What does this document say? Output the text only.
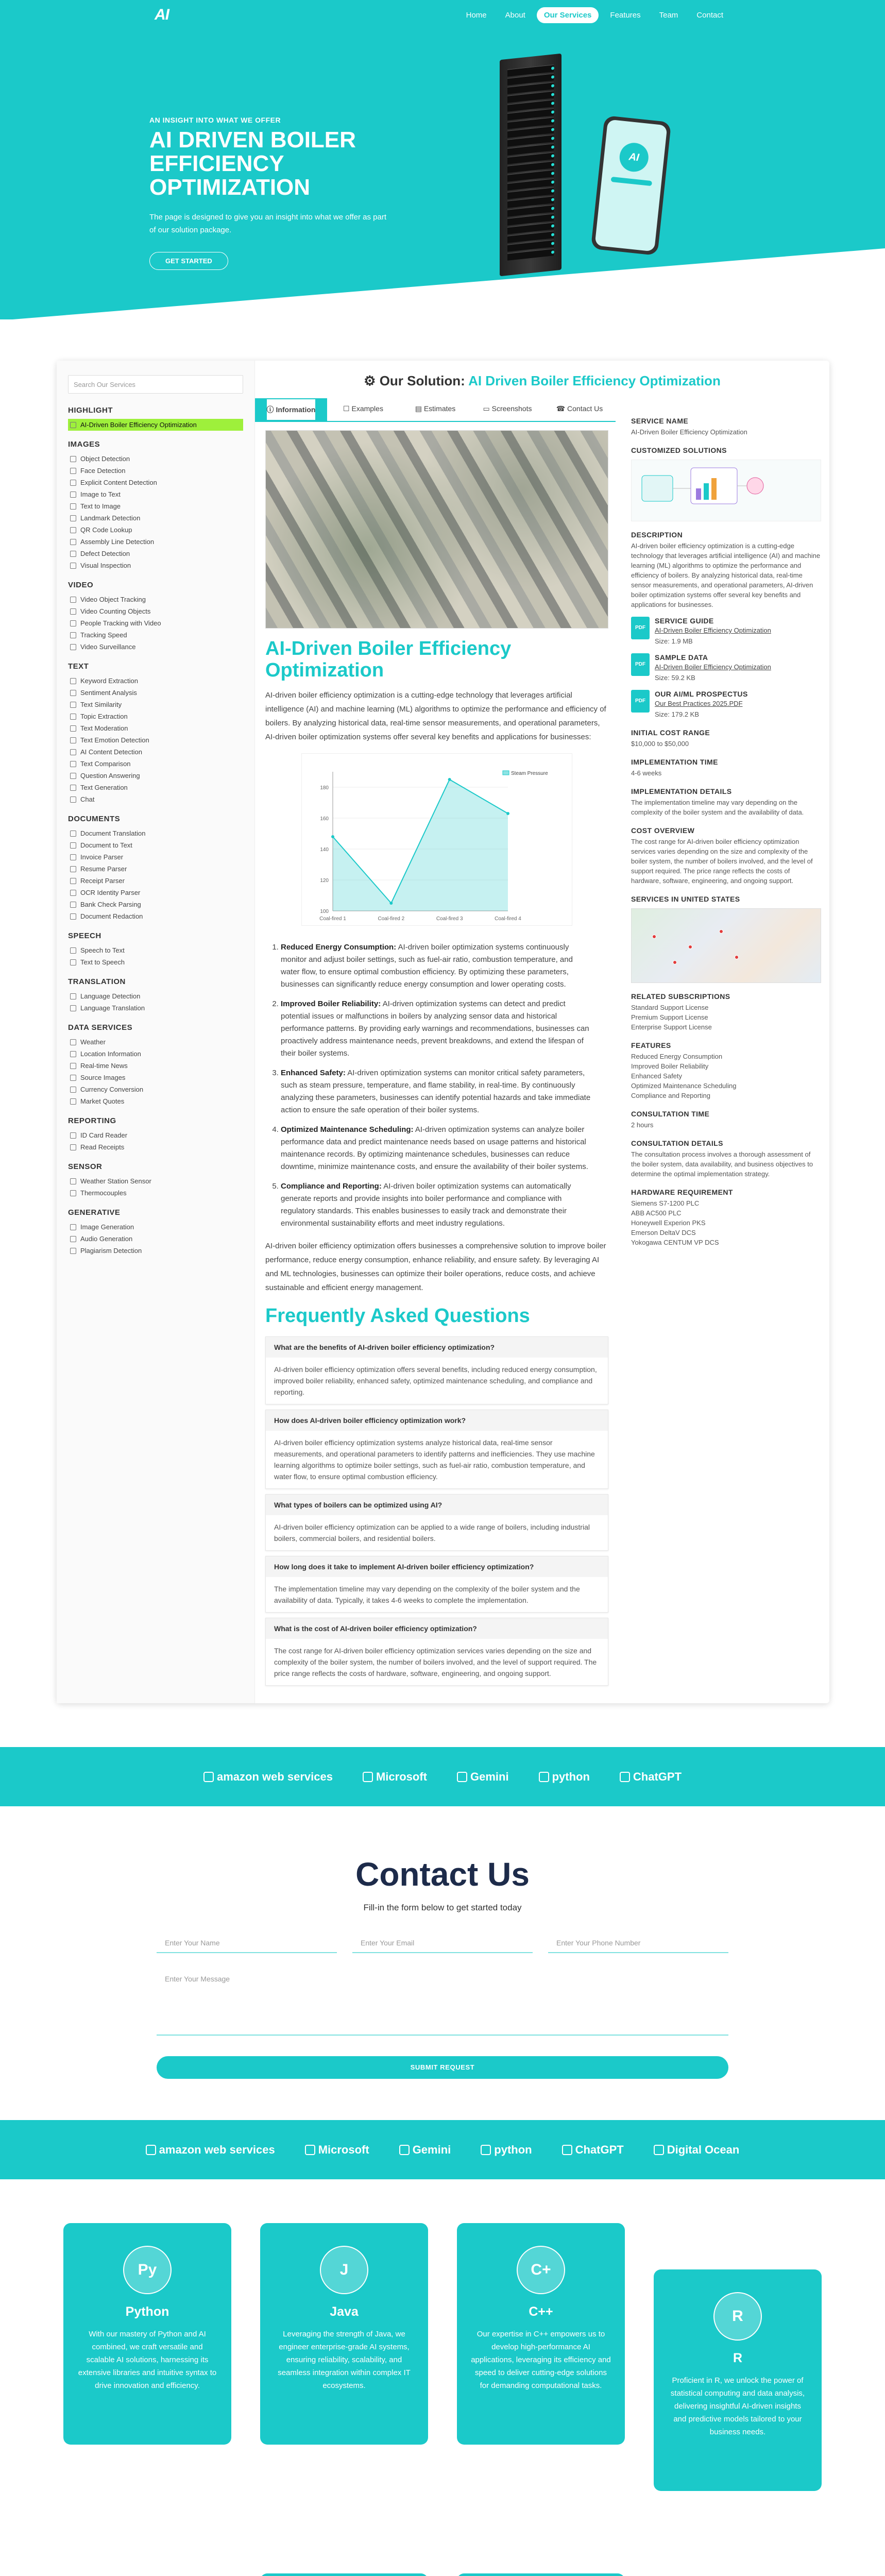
AI	Home	About	Our Services	Features	Team	Contact
AN INSIGHT INTO WHAT WE OFFER
AI DRIVEN BOILER EFFICIENCY OPTIMIZATION
The page is designed to give you an insight into what we offer as part of our solution package.
GET STARTED
AI
Search Our Services
HIGHLIGHT
AI-Driven Boiler Efficiency Optimization
IMAGES
Object Detection
Face Detection
Explicit Content Detection
Image to Text
Text to Image
Landmark Detection
QR Code Lookup
Assembly Line Detection
Defect Detection
Visual Inspection
VIDEO
Video Object Tracking
Video Counting Objects
People Tracking with Video
Tracking Speed
Video Surveillance
TEXT
Keyword Extraction
Sentiment Analysis
Text Similarity
Topic Extraction
Text Moderation
Text Emotion Detection
AI Content Detection
Text Comparison
Question Answering
Text Generation
Chat
DOCUMENTS
Document Translation
Document to Text
Invoice Parser
Resume Parser
Receipt Parser
OCR Identity Parser
Bank Check Parsing
Document Redaction
SPEECH
Speech to Text
Text to Speech
TRANSLATION
Language Detection
Language Translation
DATA SERVICES
Weather
Location Information
Real-time News
Source Images
Currency Conversion
Market Quotes
REPORTING
ID Card Reader
Read Receipts
SENSOR
Weather Station Sensor
Thermocouples
GENERATIVE
Image Generation
Audio Generation
Plagiarism Detection
⚙ Our Solution: AI Driven Boiler Efficiency Optimization
ⓘ Information	☐ Examples	▤ Estimates	▭ Screenshots	☎ Contact Us
AI-Driven Boiler Efficiency Optimization
AI-driven boiler efficiency optimization is a cutting-edge technology that leverages artificial intelligence (AI) and machine learning (ML) algorithms to optimize the performance and efficiency of boilers. By analyzing historical data, real-time sensor measurements, and operational parameters, AI-driven boiler optimization systems offer several key benefits and applications for businesses:
100
120
140
160
180
Coal-fired 1	Coal-fired 2	Coal-fired 3	Coal-fired 4
Steam Pressure
1. Reduced Energy Consumption: AI-driven boiler optimization systems continuously monitor and adjust boiler settings, such as fuel-air ratio, combustion temperature, and water flow, to ensure optimal combustion efficiency. By optimizing these parameters, businesses can significantly reduce energy consumption and lower operating costs.
2. Improved Boiler Reliability: AI-driven optimization systems can detect and predict potential issues or malfunctions in boilers by analyzing sensor data and historical performance patterns. By providing early warnings and recommendations, businesses can proactively address maintenance needs, prevent breakdowns, and extend the lifespan of their boiler systems.
3. Enhanced Safety: AI-driven optimization systems can monitor critical safety parameters, such as steam pressure, temperature, and flame stability, in real-time. By continuously analyzing these parameters, businesses can identify potential hazards and take immediate action to ensure the safe operation of their boiler systems.
4. Optimized Maintenance Scheduling: AI-driven optimization systems can analyze boiler performance data and predict maintenance needs based on usage patterns and historical maintenance records. By optimizing maintenance schedules, businesses can reduce downtime, minimize maintenance costs, and ensure the availability of their boiler systems.
5. Compliance and Reporting: AI-driven boiler optimization systems can automatically generate reports and provide insights into boiler performance and compliance with regulatory standards. This enables businesses to easily track and demonstrate their environmental sustainability efforts and meet industry regulations.
AI-driven boiler efficiency optimization offers businesses a comprehensive solution to improve boiler performance, reduce energy consumption, enhance reliability, and ensure safety. By leveraging AI and ML technologies, businesses can optimize their boiler operations, reduce costs, and achieve sustainable and efficient energy management.
Frequently Asked Questions
What are the benefits of AI-driven boiler efficiency optimization?
AI-driven boiler efficiency optimization offers several benefits, including reduced energy consumption, improved boiler reliability, enhanced safety, optimized maintenance scheduling, and compliance and reporting.
How does AI-driven boiler efficiency optimization work?
AI-driven boiler efficiency optimization systems analyze historical data, real-time sensor measurements, and operational parameters to identify patterns and inefficiencies. They use machine learning algorithms to optimize boiler settings, such as fuel-air ratio, combustion temperature, and water flow, to ensure optimal combustion efficiency.
What types of boilers can be optimized using AI?
AI-driven boiler efficiency optimization can be applied to a wide range of boilers, including industrial boilers, commercial boilers, and residential boilers.
How long does it take to implement AI-driven boiler efficiency optimization?
The implementation timeline may vary depending on the complexity of the boiler system and the availability of data. Typically, it takes 4-6 weeks to complete the implementation.
What is the cost of AI-driven boiler efficiency optimization?
The cost range for AI-driven boiler efficiency optimization services varies depending on the size and complexity of the boiler system, the number of boilers involved, and the level of support required. The price range reflects the costs of hardware, software, engineering, and ongoing support.
SERVICE NAME
AI-Driven Boiler Efficiency Optimization
CUSTOMIZED SOLUTIONS
DESCRIPTION
AI-driven boiler efficiency optimization is a cutting-edge technology that leverages artificial intelligence (AI) and machine learning (ML) algorithms to optimize the performance and efficiency of boilers. By analyzing historical data, real-time sensor measurements, and operational parameters, AI-driven boiler optimization systems offer several key benefits and applications for businesses.
PDF
SERVICE GUIDE
AI-Driven Boiler Efficiency Optimization
Size: 1.9 MB
PDF
SAMPLE DATA
AI-Driven Boiler Efficiency Optimization
Size: 59.2 KB
PDF
OUR AI/ML PROSPECTUS
Our Best Practices 2025.PDF
Size: 179.2 KB
INITIAL COST RANGE
$10,000 to $50,000
IMPLEMENTATION TIME
4-6 weeks
IMPLEMENTATION DETAILS
The implementation timeline may vary depending on the complexity of the boiler system and the availability of data.
COST OVERVIEW
The cost range for AI-driven boiler efficiency optimization services varies depending on the size and complexity of the boiler system, the number of boilers involved, and the level of support required. The price range reflects the costs of hardware, software, engineering, and ongoing support.
SERVICES IN UNITED STATES
RELATED SUBSCRIPTIONS
Standard Support License
Premium Support License
Enterprise Support License
FEATURES
Reduced Energy Consumption
Improved Boiler Reliability
Enhanced Safety
Optimized Maintenance Scheduling
Compliance and Reporting
CONSULTATION TIME
2 hours
CONSULTATION DETAILS
The consultation process involves a thorough assessment of the boiler system, data availability, and business objectives to determine the optimal implementation strategy.
HARDWARE REQUIREMENT
Siemens S7-1200 PLC
ABB AC500 PLC
Honeywell Experion PKS
Emerson DeltaV DCS
Yokogawa CENTUM VP DCS
amazon web services	Microsoft	Gemini	python	ChatGPT
Contact Us
Fill-in the form below to get started today
Enter Your Name	Enter Your Email	Enter Your Phone Number
Enter Your Message
SUBMIT REQUEST
amazon web services	Microsoft	Gemini	python	ChatGPT	Digital Ocean
Py
Python

With our mastery of Python and AI combined, we craft versatile and scalable AI solutions, harnessing its extensive libraries and intuitive syntax to drive innovation and efficiency.

J
Java

Leveraging the strength of Java, we engineer enterprise-grade AI systems, ensuring reliability, scalability, and seamless integration within complex IT ecosystems.

C+
C++

Our expertise in C++ empowers us to develop high-performance AI applications, leveraging its efficiency and speed to deliver cutting-edge solutions for demanding computational tasks.

R
R

Proficient in R, we unlock the power of statistical computing and data analysis, delivering insightful AI-driven insights and predictive models tailored to your business needs.
